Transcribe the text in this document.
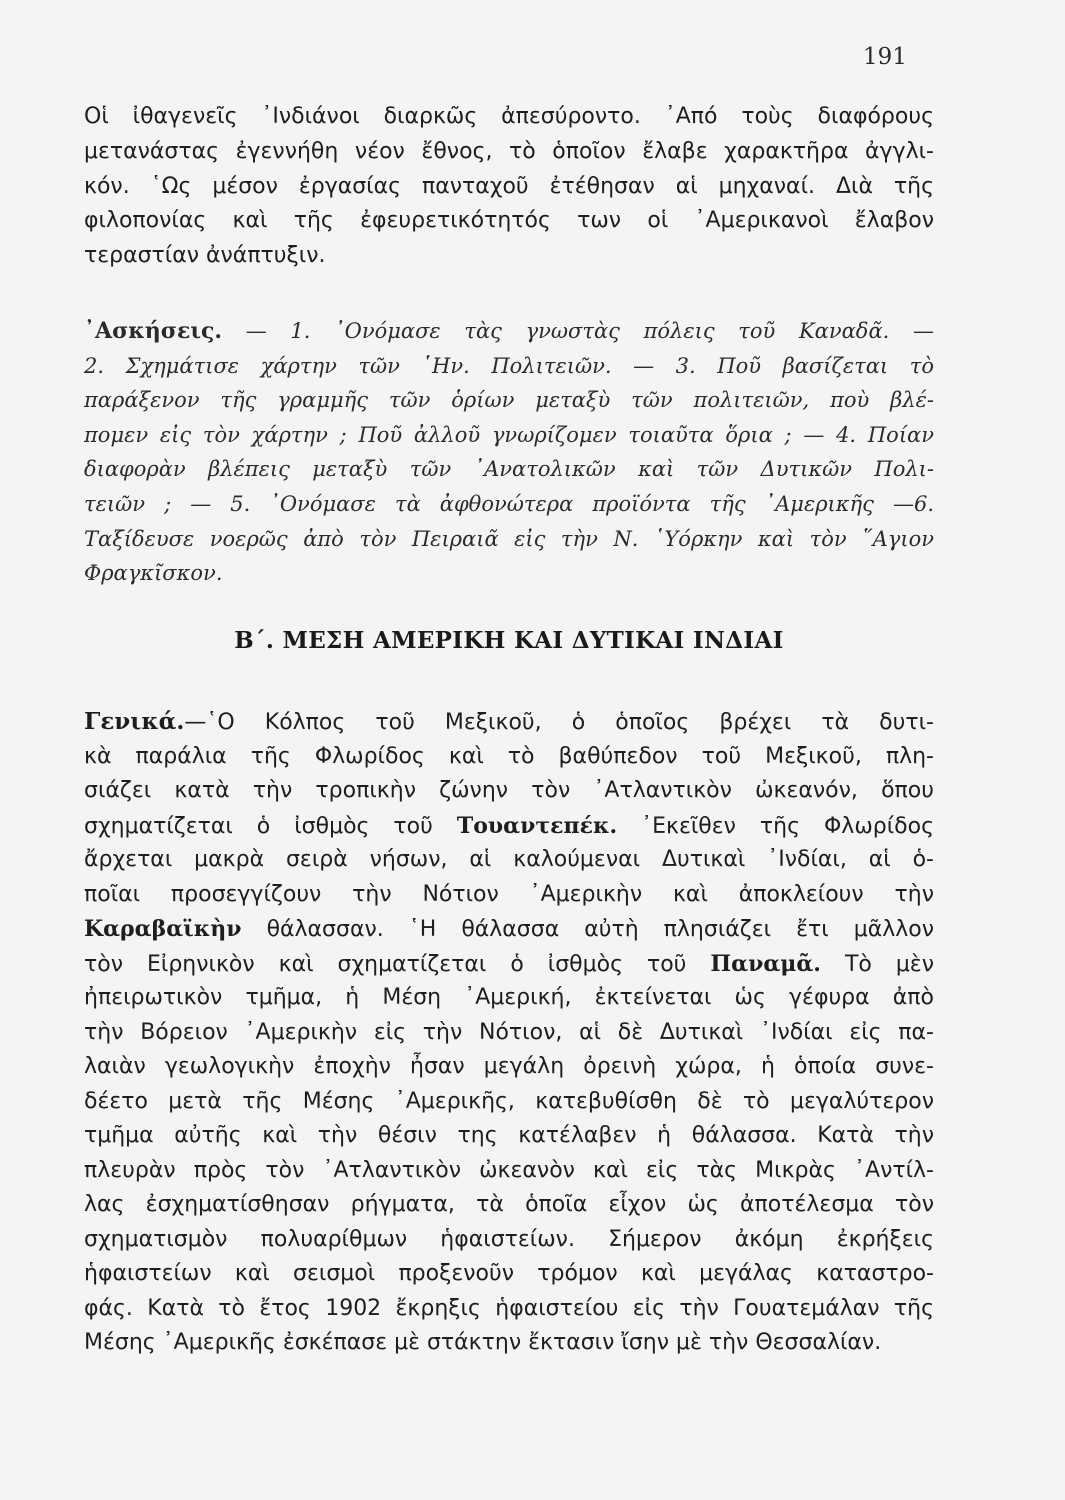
191
Οἱ ἰθαγενεῖς ᾿Ινδιάνοι διαρκῶς ἀπεσύροντο. ᾿Από τοὺς διαφόρους
μετανάστας ἐγεννήθη νέον ἔθνος, τὸ ὁποῖον ἔλαβε χαρακτῆρα ἀγγλι-
κόν. ῾Ως μέσον ἐργασίας πανταχοῦ ἐτέθησαν αἱ μηχαναί. Διὰ τῆς
φιλοπονίας καὶ τῆς ἐφευρετικότητός των οἱ ᾿Αμερικανοὶ ἔλαβον
τεραστίαν ἀνάπτυξιν.
᾿Ασκήσεις. — 1. ᾿Ονόμασε τὰς γνωστὰς πόλεις τοῦ Καναδᾶ. —
2. Σχημάτισε χάρτην τῶν ῾Ην. Πολιτειῶν. — 3. Ποῦ βασίζεται τὸ
παράξενον τῆς γραμμῆς τῶν ὁρίων μεταξὺ τῶν πολιτειῶν, ποὺ βλέ-
πομεν εἰς τὸν χάρτην ; Ποῦ ἀλλοῦ γνωρίζομεν τοιαῦτα ὅρια ; — 4. Ποίαν
διαφορὰν βλέπεις μεταξὺ τῶν ᾿Ανατολικῶν καὶ τῶν Δυτικῶν Πολι-
τειῶν ; — 5. ᾿Ονόμασε τὰ ἀφθονώτερα προϊόντα τῆς ᾿Αμερικῆς —6.
Ταξίδευσε νοερῶς ἀπὸ τὸν Πειραιᾶ εἰς τὴν Ν. ῾Υόρκην καὶ τὸν ῞Αγιον
Φραγκῖσκον.
Β΄. ΜΕΣΗ ΑΜΕΡΙΚΗ ΚΑΙ ΔΥΤΙΚΑΙ ΙΝΔΙΑΙ
Γενικά.—῾Ο Κόλπος τοῦ Μεξικοῦ, ὁ ὁποῖος βρέχει τὰ δυτι-
κὰ παράλια τῆς Φλωρίδος καὶ τὸ βαθύπεδον τοῦ Μεξικοῦ, πλη-
σιάζει κατὰ τὴν τροπικὴν ζώνην τὸν ᾿Ατλαντικὸν ὠκεανόν, ὅπου
σχηματίζεται ὁ ἰσθμὸς τοῦ Τουαντεπέκ. ᾿Εκεῖθεν τῆς Φλωρίδος
ἄρχεται μακρὰ σειρὰ νήσων, αἱ καλούμεναι Δυτικαὶ ᾿Ινδίαι, αἱ ὁ-
ποῖαι προσεγγίζουν τὴν Νότιον ᾿Αμερικὴν καὶ ἀποκλείουν τὴν
Καραβαϊκὴν θάλασσαν. ῾Η θάλασσα αὐτὴ πλησιάζει ἔτι μᾶλλον
τὸν Εἰρηνικὸν καὶ σχηματίζεται ὁ ἰσθμὸς τοῦ Παναμᾶ. Τὸ μὲν
ἠπειρωτικὸν τμῆμα, ἡ Μέση ᾿Αμερική, ἐκτείνεται ὡς γέφυρα ἀπὸ
τὴν Βόρειον ᾿Αμερικὴν εἰς τὴν Νότιον, αἱ δὲ Δυτικαὶ ᾿Ινδίαι εἰς πα-
λαιὰν γεωλογικὴν ἐποχὴν ἦσαν μεγάλη ὀρεινὴ χώρα, ἡ ὁποία συνε-
δέετο μετὰ τῆς Μέσης ᾿Αμερικῆς, κατεβυθίσθη δὲ τὸ μεγαλύτερον
τμῆμα αὐτῆς καὶ τὴν θέσιν της κατέλαβεν ἡ θάλασσα. Κατὰ τὴν
πλευρὰν πρὸς τὸν ᾿Ατλαντικὸν ὠκεανὸν καὶ εἰς τὰς Μικρὰς ᾿Αντίλ-
λας ἐσχηματίσθησαν ρήγματα, τὰ ὁποῖα εἶχον ὡς ἀποτέλεσμα τὸν
σχηματισμὸν πολυαρίθμων ἡφαιστείων. Σήμερον ἀκόμη ἐκρήξεις
ἡφαιστείων καὶ σεισμοὶ προξενοῦν τρόμον καὶ μεγάλας καταστρο-
φάς. Κατὰ τὸ ἔτος 1902 ἔκρηξις ἡφαιστείου εἰς τὴν Γουατεμάλαν τῆς
Μέσης ᾿Αμερικῆς ἐσκέπασε μὲ στάκτην ἔκτασιν ἴσην μὲ τὴν Θεσσαλίαν.
